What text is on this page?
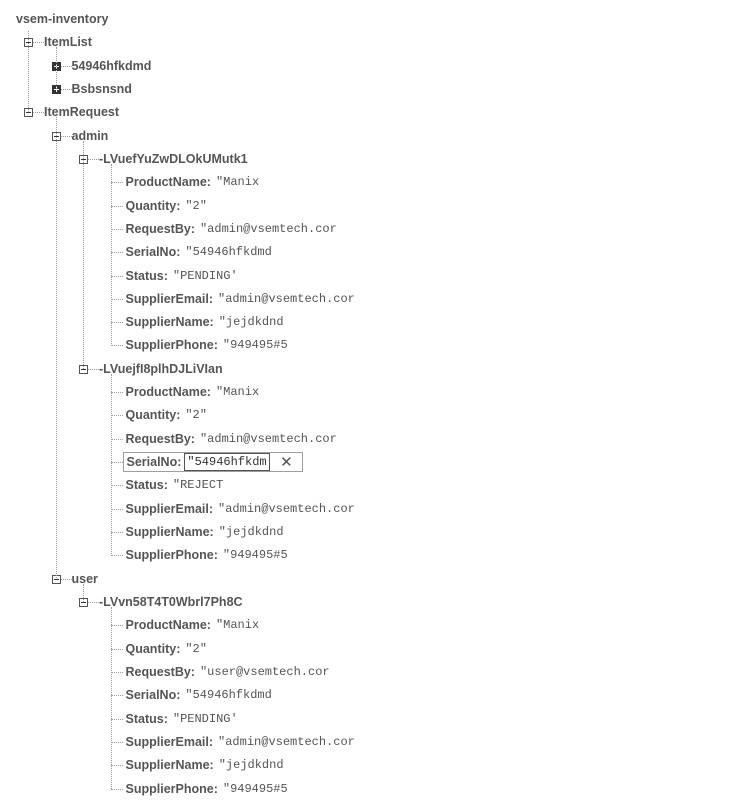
vsem-inventory
ItemList
54946hfkdmd
Bsbsnsnd
ItemRequest
admin
-LVuefYuZwDLOkUMutk1
ProductName: "Manix
Quantity: "2"
RequestBy: "admin@vsemtech.cor
SerialNo: "54946hfkdmd
Status: "PENDING'
SupplierEmail: "admin@vsemtech.cor
SupplierName: "jejdkdnd
SupplierPhone: "949495#5
-LVuejfI8plhDJLiVIan
ProductName: "Manix
Quantity: "2"
RequestBy: "admin@vsemtech.cor
SerialNo:
"54946hfkdmd	✕
Status: "REJECT
SupplierEmail: "admin@vsemtech.cor
SupplierName: "jejdkdnd
SupplierPhone: "949495#5
user
-LVvn58T4T0Wbrl7Ph8C
ProductName: "Manix
Quantity: "2"
RequestBy: "user@vsemtech.cor
SerialNo: "54946hfkdmd
Status: "PENDING'
SupplierEmail: "admin@vsemtech.cor
SupplierName: "jejdkdnd
SupplierPhone: "949495#5
